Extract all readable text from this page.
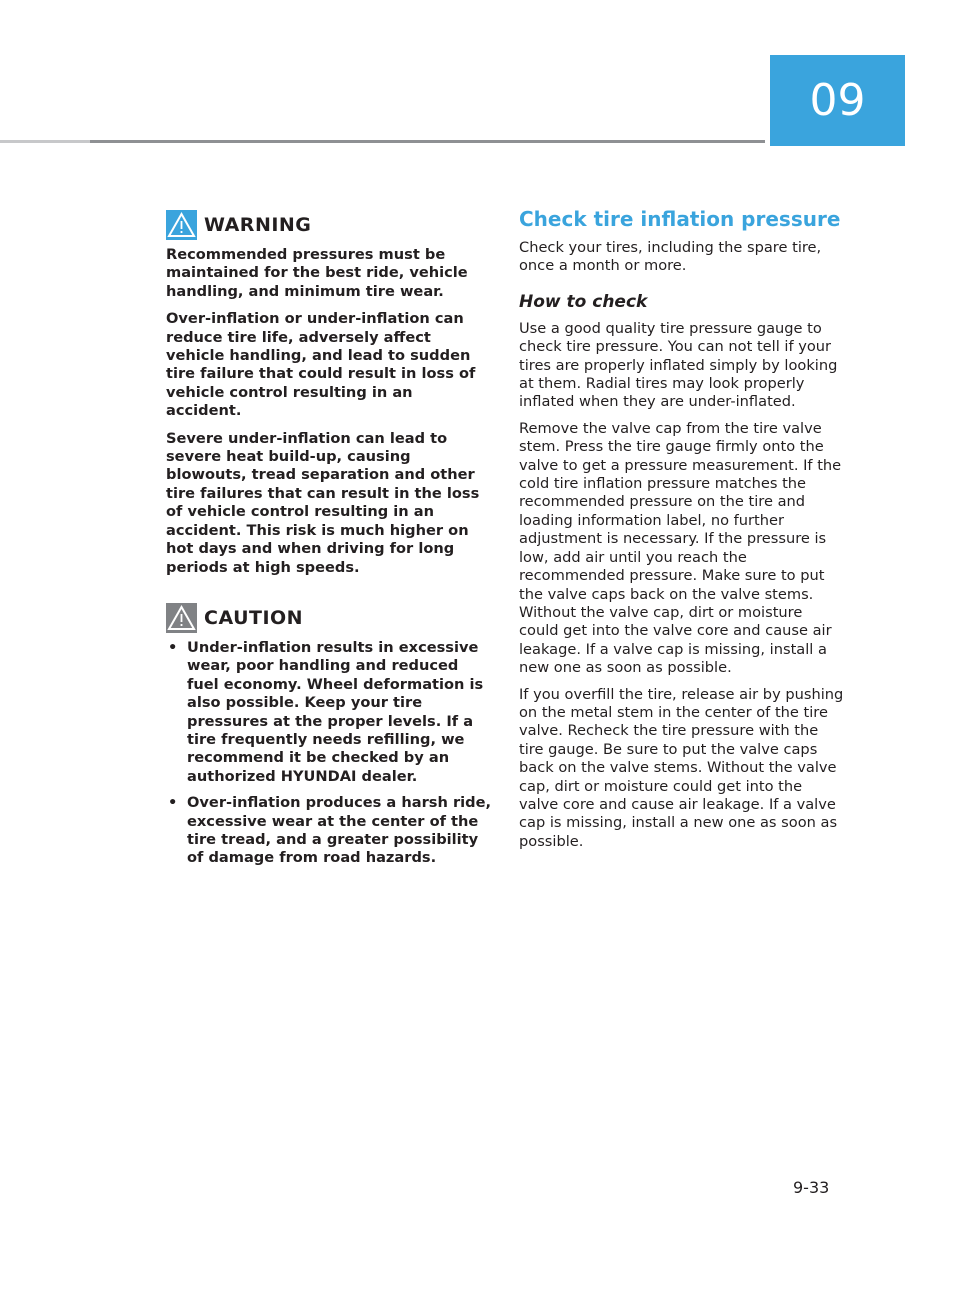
09
WARNING

Recommended pressures must be maintained for the best ride, vehicle handling, and minimum tire wear.

Over-inflation or under-inflation can reduce tire life, adversely affect vehicle handling, and lead to sudden tire failure that could result in loss of vehicle control resulting in an accident.

Severe under-inflation can lead to severe heat build-up, causing blowouts, tread separation and other tire failures that can result in the loss of vehicle control resulting in an accident. This risk is much higher on hot days and when driving for long periods at high speeds.

CAUTION
• Under-inflation results in excessive wear, poor handling and reduced fuel economy. Wheel deformation is also possible. Keep your tire pressures at the proper levels. If a tire frequently needs refilling, we recommend it be checked by an authorized HYUNDAI dealer.
• Over-inflation produces a harsh ride, excessive wear at the center of the tire tread, and a greater possibility of damage from road hazards.
Check tire inflation pressure

Check your tires, including the spare tire, once a month or more.

How to check

Use a good quality tire pressure gauge to check tire pressure. You can not tell if your tires are properly inflated simply by looking at them. Radial tires may look properly inflated when they are under-inflated.

Remove the valve cap from the tire valve stem. Press the tire gauge firmly onto the valve to get a pressure measurement. If the cold tire inflation pressure matches the recommended pressure on the tire and loading information label, no further adjustment is necessary. If the pressure is low, add air until you reach the recommended pressure. Make sure to put the valve caps back on the valve stems. Without the valve cap, dirt or moisture could get into the valve core and cause air leakage. If a valve cap is missing, install a new one as soon as possible.

If you overfill the tire, release air by pushing on the metal stem in the center of the tire valve. Recheck the tire pressure with the tire gauge. Be sure to put the valve caps back on the valve stems. Without the valve cap, dirt or moisture could get into the valve core and cause air leakage. If a valve cap is missing, install a new one as soon as possible.

9-33
